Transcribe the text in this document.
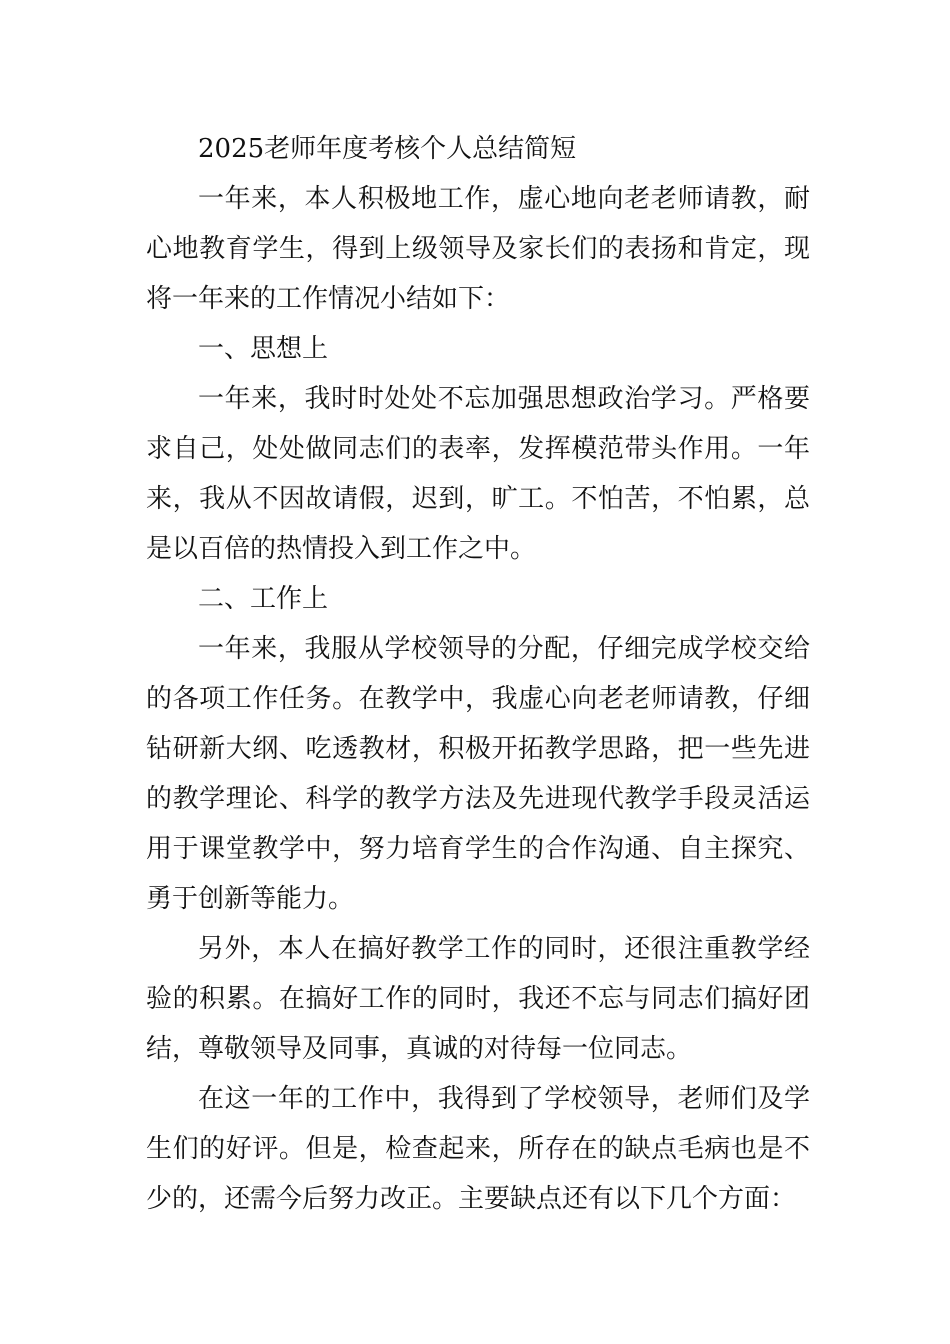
2025老师年度考核个人总结简短

一年来，本人积极地工作，虚心地向老老师请教，耐心地教育学生，得到上级领导及家长们的表扬和肯定，现将一年来的工作情况小结如下：

一、思想上

一年来，我时时处处不忘加强思想政治学习。严格要求自己，处处做同志们的表率，发挥模范带头作用。一年来，我从不因故请假，迟到，旷工。不怕苦，不怕累，总是以百倍的热情投入到工作之中。

二、工作上

一年来，我服从学校领导的分配，仔细完成学校交给的各项工作任务。在教学中，我虚心向老老师请教，仔细钻研新大纲、吃透教材，积极开拓教学思路，把一些先进的教学理论、科学的教学方法及先进现代教学手段灵活运用于课堂教学中，努力培育学生的合作沟通、自主探究、勇于创新等能力。

另外，本人在搞好教学工作的同时，还很注重教学经验的积累。在搞好工作的同时，我还不忘与同志们搞好团结，尊敬领导及同事，真诚的对待每一位同志。

在这一年的工作中，我得到了学校领导，老师们及学生们的好评。但是，检查起来，所存在的缺点毛病也是不少的，还需今后努力改正。主要缺点还有以下几个方面：
